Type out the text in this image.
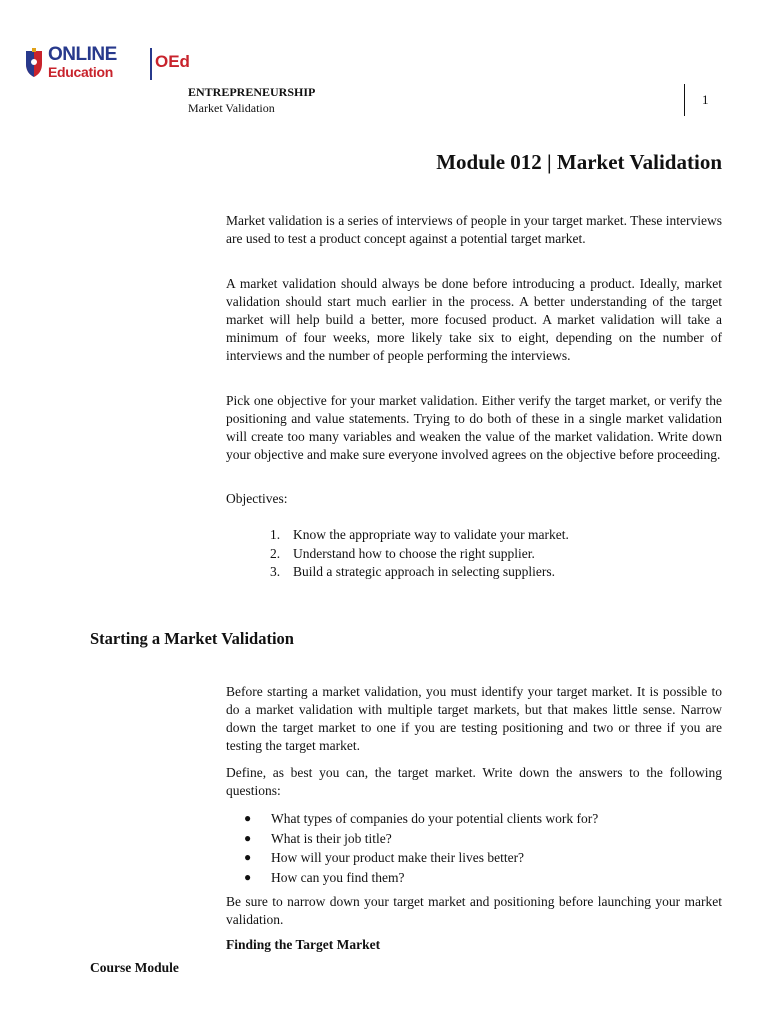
ONLINE
Education
OEd
ENTREPRENEURSHIP
Market Validation
1
Module 012 | Market Validation

Market validation is a series of interviews of people in your target market. These interviews are used to test a product concept against a potential target market.

A market validation should always be done before introducing a product. Ideally, market validation should start much earlier in the process. A better understanding of the target market will help build a better, more focused product. A market validation will take a minimum of four weeks, more likely take six to eight, depending on the number of interviews and the number of people performing the interviews.

Pick one objective for your market validation. Either verify the target market, or verify the positioning and value statements. Trying to do both of these in a single market validation will create too many variables and weaken the value of the market validation. Write down your objective and make sure everyone involved agrees on the objective before proceeding.

Objectives:
1. Know the appropriate way to validate your market.
2. Understand how to choose the right supplier.
3. Build a strategic approach in selecting suppliers.
Starting a Market Validation

Before starting a market validation, you must identify your target market. It is possible to do a market validation with multiple target markets, but that makes little sense. Narrow down the target market to one if you are testing positioning and two or three if you are testing the target market.

Define, as best you can, the target market. Write down the answers to the following questions:

● What types of companies do your potential clients work for?
● What is their job title?
● How will your product make their lives better?
● How can you find them?

Be sure to narrow down your target market and positioning before launching your market validation.

Finding the Target Market
Course Module
